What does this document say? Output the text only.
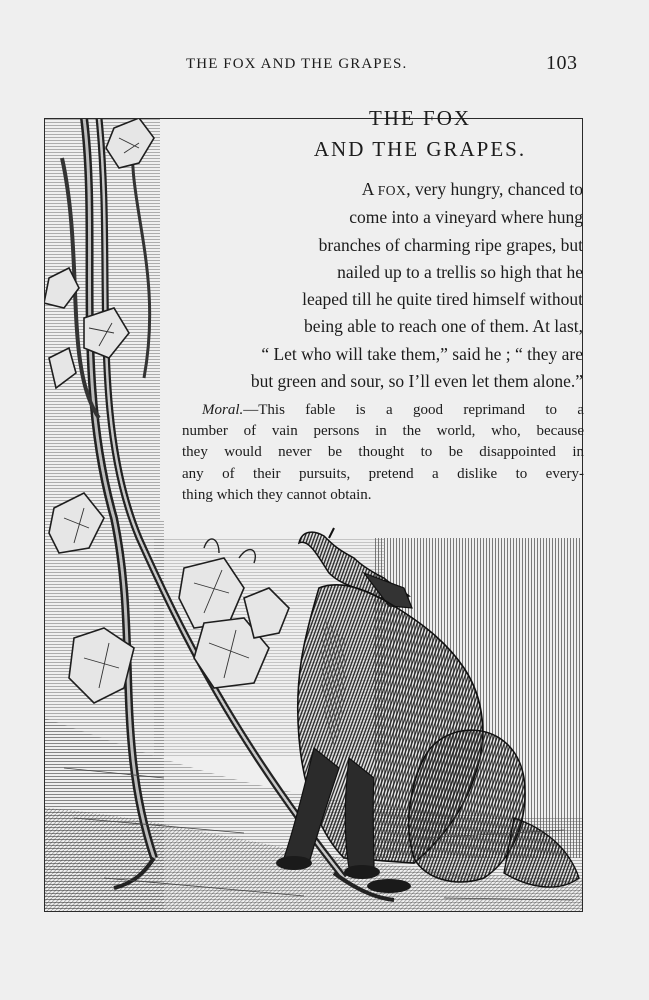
THE FOX AND THE GRAPES.	103
THE FOX
AND THE GRAPES.
A FOX, very hungry, chanced to
come into a vineyard where hung
branches of charming ripe grapes, but
nailed up to a trellis so high that he
leaped till he quite tired himself without
being able to reach one of them. At last,
“ Let who will take them,” said he ; “ they are
but green and sour, so I’ll even let them alone.”
Moral.—This fable is a good reprimand to a
number of vain persons in the world, who, because
they would never be thought to be disappointed in
any of their pursuits, pretend a dislike to every-
thing which they cannot obtain.
